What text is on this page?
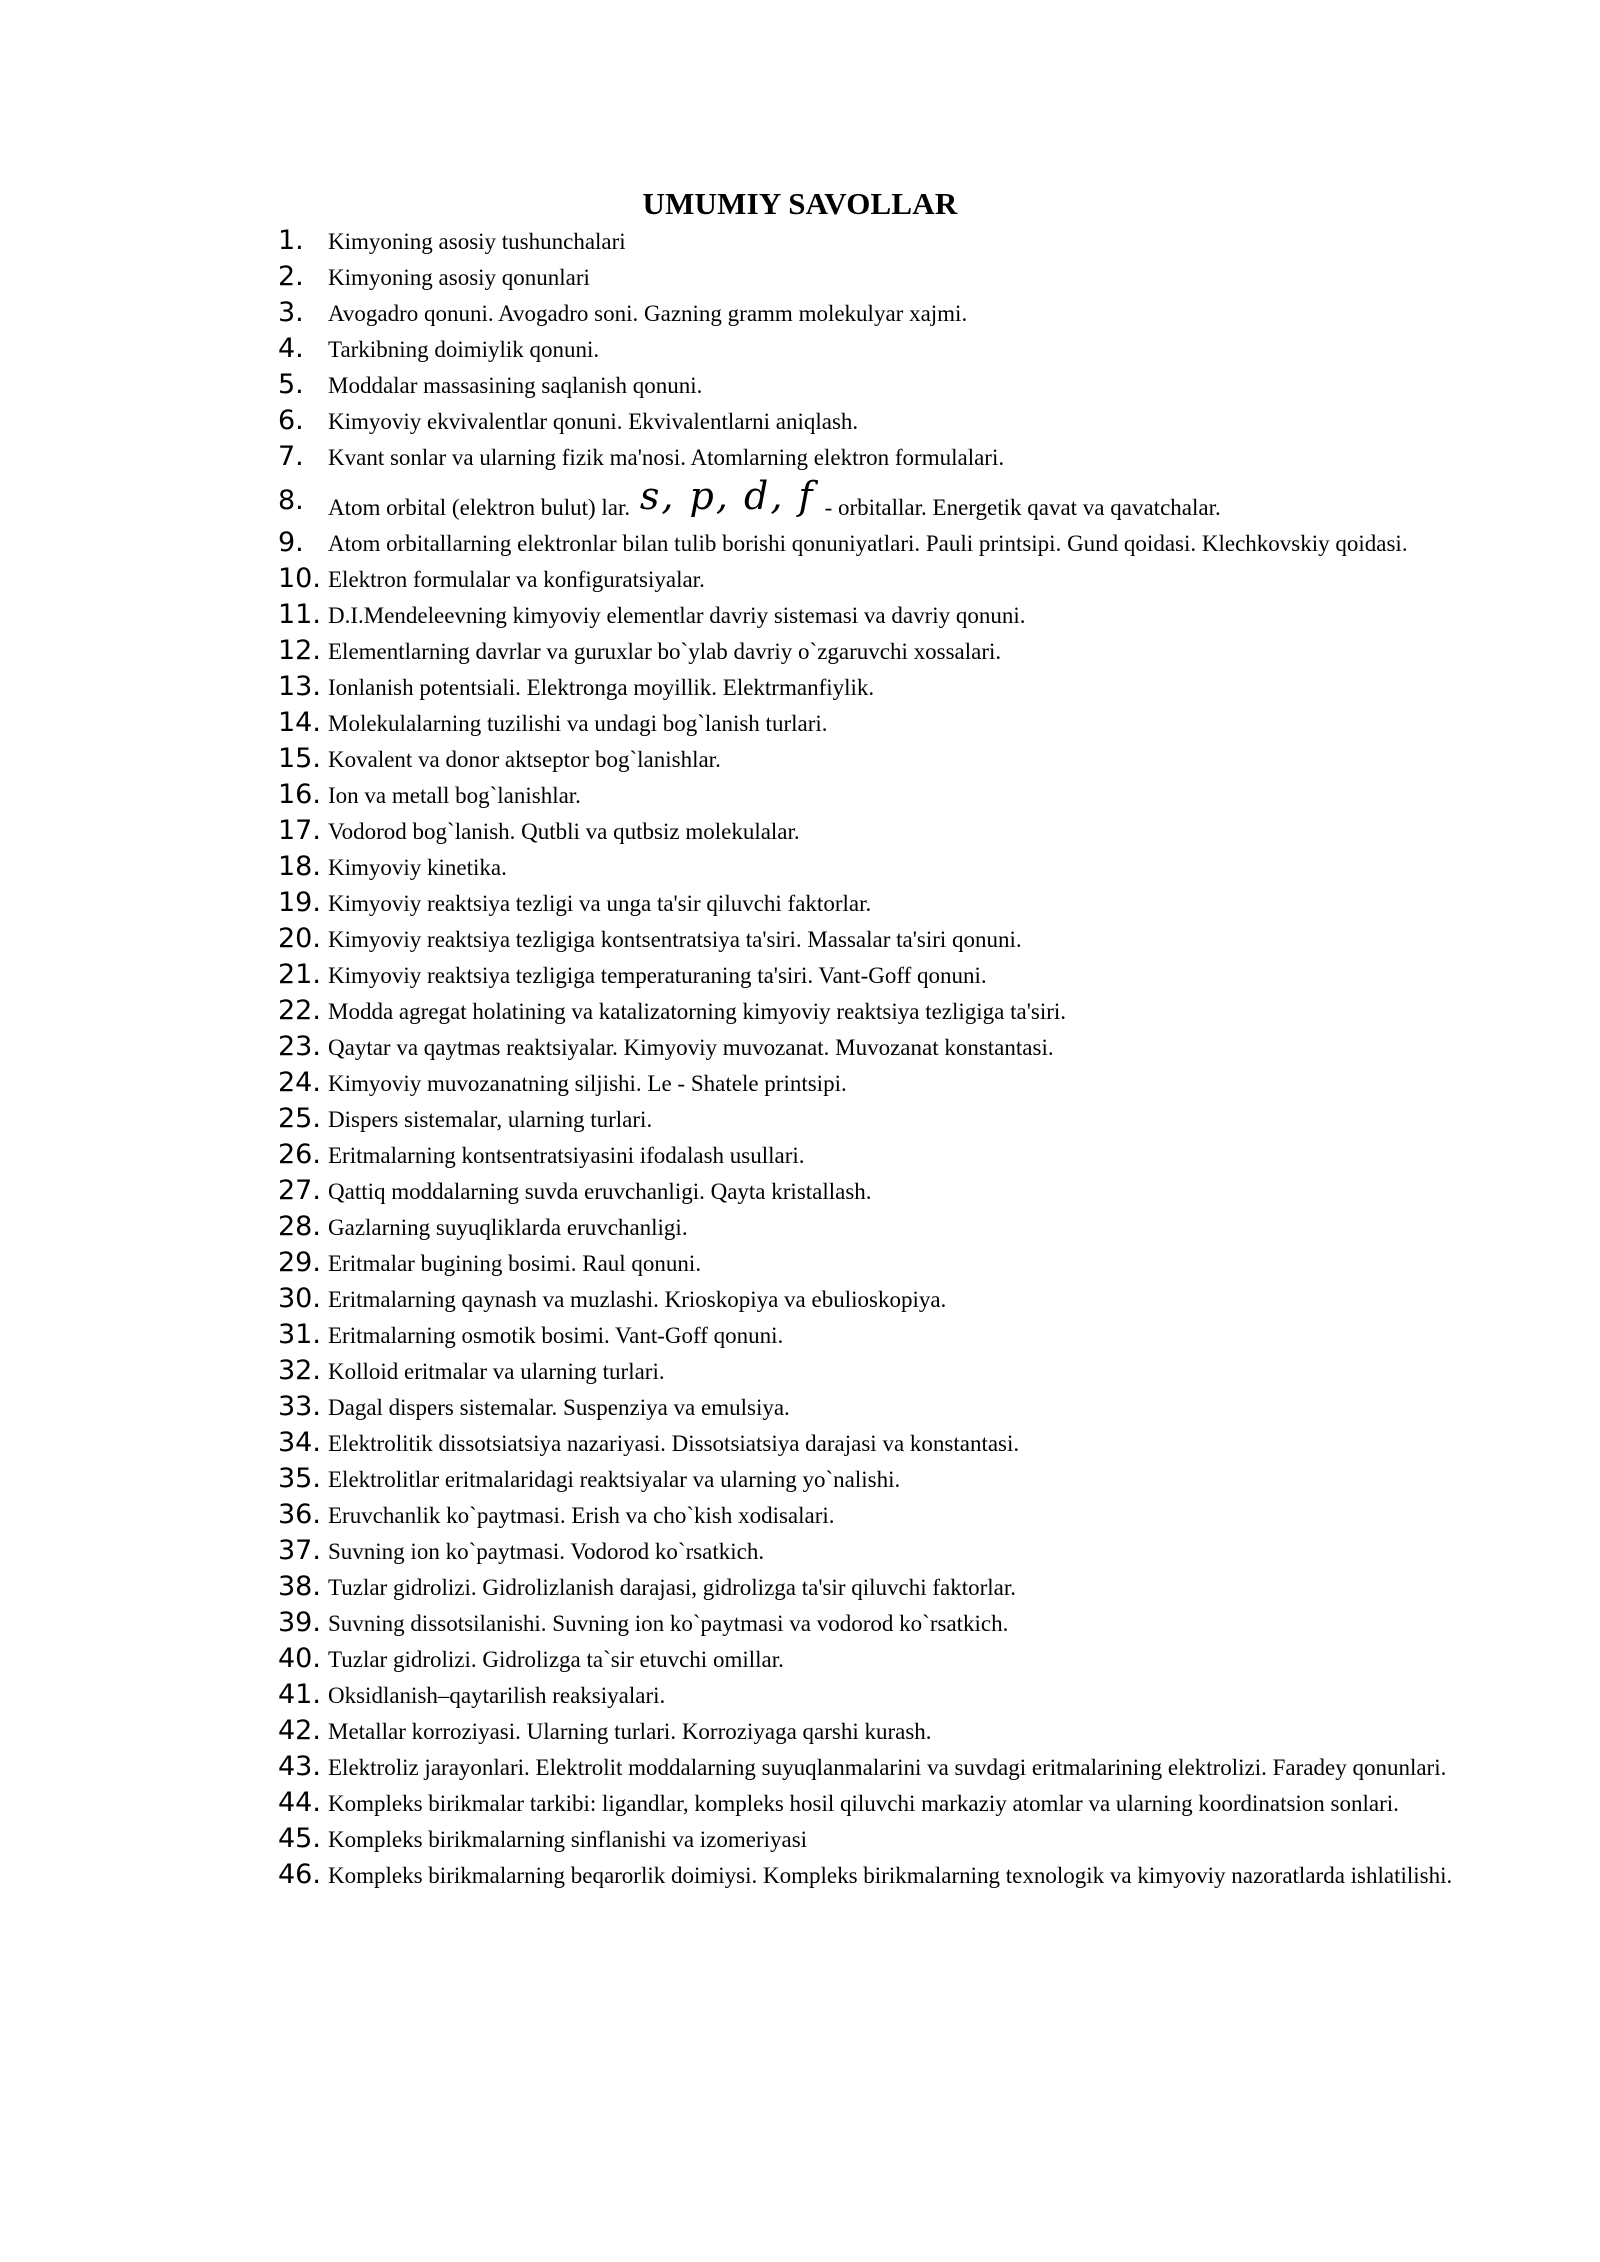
UMUMIY SAVOLLAR
1.	Kimyoning asosiy tushunchalari
2.	Kimyoning asosiy qonunlari
3.	Avogadro qonuni. Avogadro soni. Gazning gramm molekulyar xajmi.
4.	Tarkibning doimiylik qonuni.
5.	Moddalar massasining saqlanish qonuni.
6.	Kimyoviy ekvivalentlar qonuni. Ekvivalentlarni aniqlash.
7.	Kvant sonlar va ularning fizik ma'nosi. Atomlarning elektron formulalari.
8.	Atom orbital (elektron bulut) lar. s, p, d, f - orbitallar. Energetik qavat va qavatchalar.
9.	Atom orbitallarning elektronlar bilan tulib borishi qonuniyatlari. Pauli printsipi. Gund qoidasi. Klechkovskiy qoidasi.
10. Elektron formulalar va konfiguratsiyalar.
11. D.I.Mendeleevning kimyoviy elementlar davriy sistemasi va davriy qonuni.
12. Elementlarning davrlar va guruxlar bo`ylab davriy o`zgaruvchi xossalari.
13. Ionlanish potentsiali. Elektronga moyillik. Elektrmanfiylik.
14. Molekulalarning tuzilishi va undagi bog`lanish turlari.
15. Kovalent va donor aktseptor bog`lanishlar.
16. Ion va metall bog`lanishlar.
17. Vodorod bog`lanish. Qutbli va qutbsiz molekulalar.
18. Kimyoviy kinetika.
19. Kimyoviy reaktsiya tezligi va unga ta'sir qiluvchi faktorlar.
20. Kimyoviy reaktsiya tezligiga kontsentratsiya ta'siri. Massalar ta'siri qonuni.
21. Kimyoviy reaktsiya tezligiga temperaturaning ta'siri. Vant-Goff qonuni.
22. Modda agregat holatining va katalizatorning kimyoviy reaktsiya tezligiga ta'siri.
23. Qaytar va qaytmas reaktsiyalar. Kimyoviy muvozanat. Muvozanat konstantasi.
24. Kimyoviy muvozanatning siljishi. Le - Shatele printsipi.
25. Dispers sistemalar, ularning turlari.
26. Eritmalarning kontsentratsiyasini ifodalash usullari.
27. Qattiq moddalarning suvda eruvchanligi. Qayta kristallash.
28. Gazlarning suyuqliklarda eruvchanligi.
29. Eritmalar bugining bosimi. Raul qonuni.
30. Eritmalarning qaynash va muzlashi. Krioskopiya va ebulioskopiya.
31. Eritmalarning osmotik bosimi. Vant-Goff qonuni.
32. Kolloid eritmalar va ularning turlari.
33. Dagal dispers sistemalar. Suspenziya va emulsiya.
34. Elektrolitik dissotsiatsiya nazariyasi. Dissotsiatsiya darajasi va konstantasi.
35. Elektrolitlar eritmalaridagi reaktsiyalar va ularning yo`nalishi.
36. Eruvchanlik ko`paytmasi. Erish va cho`kish xodisalari.
37. Suvning ion ko`paytmasi. Vodorod ko`rsatkich.
38. Tuzlar gidrolizi. Gidrolizlanish darajasi, gidrolizga ta'sir qiluvchi faktorlar.
39. Suvning dissotsilanishi. Suvning ion ko`paytmasi va vodorod ko`rsatkich.
40. Tuzlar gidrolizi. Gidrolizga ta`sir etuvchi omillar.
41. Oksidlanish–qaytarilish reaksiyalari.
42. Metallar korroziyasi. Ularning turlari. Korroziyaga qarshi kurash.
43. Elektroliz jarayonlari. Elektrolit moddalarning suyuqlanmalarini va suvdagi eritmalarining elektrolizi. Faradey qonunlari.
44. Kompleks birikmalar tarkibi: ligandlar, kompleks hosil qiluvchi markaziy atomlar va ularning koordinatsion sonlari.
45. Kompleks birikmalarning sinflanishi va izomeriyasi
46. Kompleks birikmalarning beqarorlik doimiysi. Kompleks birikmalarning texnologik va kimyoviy nazoratlarda ishlatilishi.
